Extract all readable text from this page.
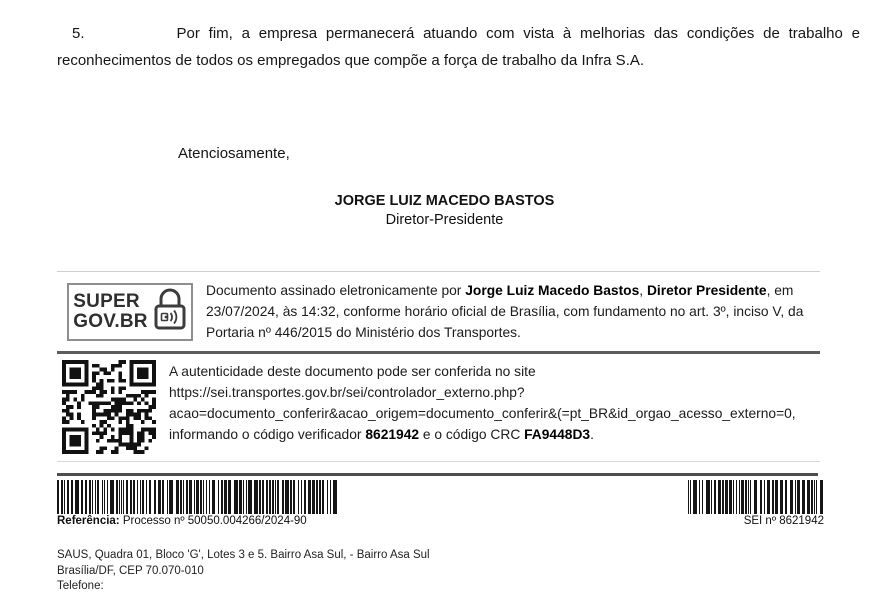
5.	Por fim, a empresa permanecerá atuando com vista à melhorias das condições de trabalho e reconhecimentos de todos os empregados que compõe a força de trabalho da Infra S.A.

Atenciosamente,

JORGE LUIZ MACEDO BASTOS
Diretor-Presidente
SUPER
GOV.BR
Documento assinado eletronicamente por Jorge Luiz Macedo Bastos, Diretor Presidente, em 23/07/2024, às 14:32, conforme horário oficial de Brasília, com fundamento no art. 3º, inciso V, da Portaria nº 446/2015 do Ministério dos Transportes.
A autenticidade deste documento pode ser conferida no site
https://sei.transportes.gov.br/sei/controlador_externo.php?
acao=documento_conferir&acao_origem=documento_conferir&(=pt_BR&id_orgao_acesso_externo=0,
informando o código verificador 8621942 e o código CRC FA9448D3.
Referência: Processo nº 50050.004266/2024-90	SEI nº 8621942
SAUS, Quadra 01, Bloco 'G', Lotes 3 e 5. Bairro Asa Sul, - Bairro Asa Sul
Brasília/DF, CEP 70.070-010
Telefone:
